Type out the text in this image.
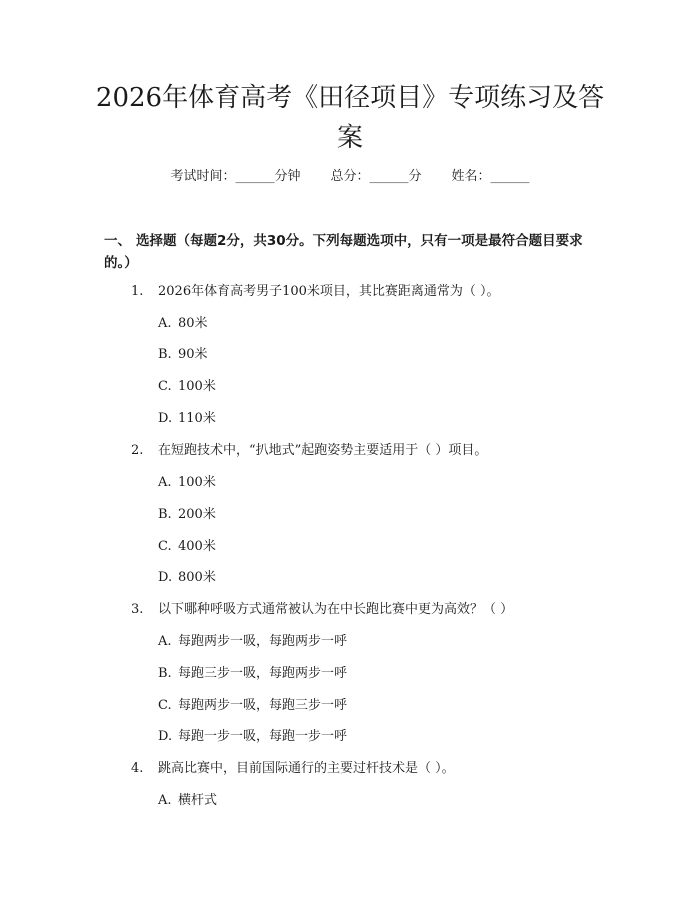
2026年体育高考《田径项目》专项练习及答案
考试时间：______分钟 总分：______分 姓名：______
一、 选择题（每题2分，共30分。下列每题选项中，只有一项是最符合题目要求的。）
1. 2026年体育高考男子100米项目，其比赛距离通常为（ ）。
A. 80米
B. 90米
C. 100米
D. 110米
2. 在短跑技术中，“扒地式”起跑姿势主要适用于（ ）项目。
A. 100米
B. 200米
C. 400米
D. 800米
3. 以下哪种呼吸方式通常被认为在中长跑比赛中更为高效？（ ）
A. 每跑两步一吸，每跑两步一呼
B. 每跑三步一吸，每跑两步一呼
C. 每跑两步一吸，每跑三步一呼
D. 每跑一步一吸，每跑一步一呼
4. 跳高比赛中，目前国际通行的主要过杆技术是（ ）。
A. 横杆式
